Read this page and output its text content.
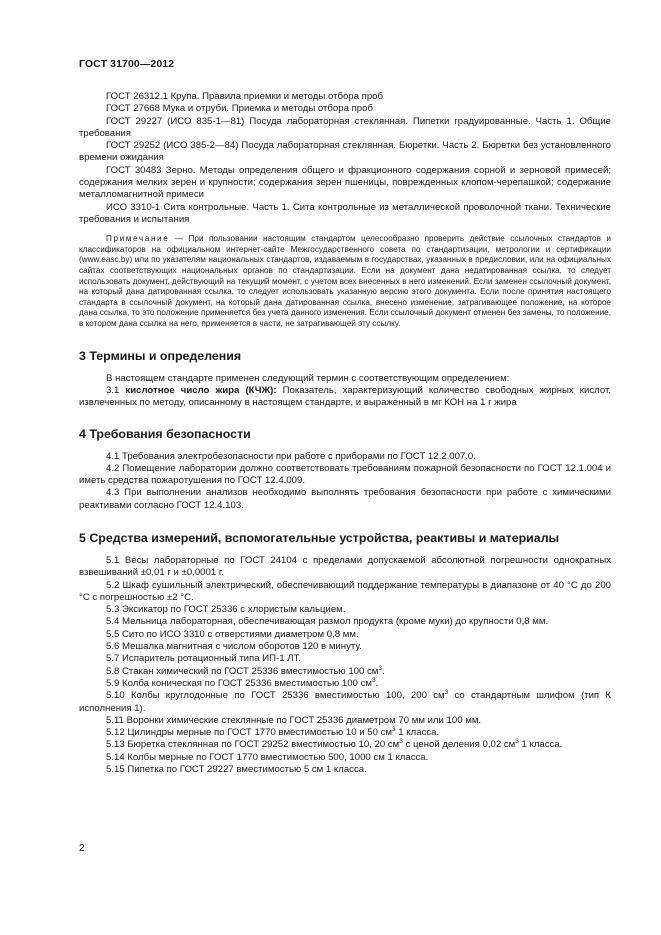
ГОСТ 31700—2012

ГОСТ 26312.1 Крупа. Правила приемки и методы отбора проб

ГОСТ 27668 Мука и отруби. Приемка и методы отбора проб

ГОСТ 29227 (ИСО 835-1—81) Посуда лабораторная стеклянная. Пипетки градуированные. Часть 1. Общие требования

ГОСТ 29252 (ИСО 385-2—84) Посуда лабораторная стеклянная. Бюретки. Часть 2. Бюретки без установленного времени ожидания

ГОСТ 30483 Зерно. Методы определения общего и фракционного содержания сорной и зерновой примесей; содержания мелких зерен и крупности; содержания зерен пшеницы, поврежденных клопом-черепашкой; содержание металломагнитной примеси

ИСО 3310-1 Сита контрольные. Часть 1. Сита контрольные из металлической проволочной ткани. Технические требования и испытания

Примечание — При пользовании настоящим стандартом целесообразно проверить действие ссылочных стандартов и классификаторов на официальном интернет-сайте Межгосударственного совета по стандартизации, метрологии и сертификации (www.easc.by) или по указателям национальных стандартов, издаваемым в государствах, указанных в предисловии, или на официальных сайтах соответствующих национальных органов по стандартизации. Если на документ дана недатированная ссылка, то следует использовать документ, действующий на текущий момент, с учетом всех внесенных в него изменений. Если заменен ссылочный документ, на который дана датированная ссылка, то следует использовать указанную версию этого документа. Если после принятия настоящего стандарта в ссылочный документ, на который дана датированная ссылка, внесено изменение, затрагивающее положение, на которое дана ссылка, то это положение применяется без учета данного изменения. Если ссылочный документ отменен без замены, то положение, в котором дана ссылка на него, применяется в части, не затрагивающей эту ссылку.

3 Термины и определения

В настоящем стандарте применен следующий термин с соответствующим определением:

3.1 кислотное число жира (КЧЖ): Показатель, характеризующий количество свободных жирных кислот, извлеченных по методу, описанному в настоящем стандарте, и выраженный в мг КОН на 1 г жира

4 Требования безопасности

4.1 Требования электробезопасности при работе с приборами по ГОСТ 12.2.007.0.

4.2 Помещение лаборатории должно соответствовать требованиям пожарной безопасности по ГОСТ 12.1.004 и иметь средства пожаротушения по ГОСТ 12.4.009.

4.3 При выполнении анализов необходимо выполнять требования безопасности при работе с химическими реактивами согласно ГОСТ 12.4.103.

5 Средства измерений, вспомогательные устройства, реактивы и материалы

5.1 Весы лабораторные по ГОСТ 24104 с пределами допускаемой абсолютной погрешности однократных взвешиваний ±0,01 г и ±0,0001 г.

5.2 Шкаф сушильный электрический, обеспечивающий поддержание температуры в диапазоне от 40 °С до 200 °С с погрешностью ±2 °С.

5.3 Эксикатор по ГОСТ 25336 с хлористым кальцием.

5.4 Мельница лабораторная, обеспечивающая размол продукта (кроме муки) до крупности 0,8 мм.

5.5 Сито по ИСО 3310 с отверстиями диаметром 0,8 мм.

5.6 Мешалка магнитная с числом оборотов 120 в минуту.

5.7 Испаритель ротационный типа ИП-1 ЛТ.

5.8 Стакан химический по ГОСТ 25336 вместимостью 100 $см^3$.

5.9 Колба коническая по ГОСТ 25336 вместимостью 100 $см^3$.

5.10 Колбы круглодонные по ГОСТ 25336 вместимостью 100, 200 $см^3$ со стандартным шлифом (тип К исполнения 1).

5.11 Воронки химические стеклянные по ГОСТ 25336 диаметром 70 мм или 100 мм.

5.12 Цилиндры мерные по ГОСТ 1770 вместимостью 10 и 50 $см^3$ 1 класса.

5.13 Бюретка стеклянная по ГОСТ 29252 вместимостью 10, 20 $см^3$ с ценой деления 0,02 $см^3$ 1 класса.

5.14 Колбы мерные по ГОСТ 1770 вместимостью 500, 1000 см 1 класса.

5.15 Пипетка по ГОСТ 29227 вместимостью 5 см 1 класса.

2
